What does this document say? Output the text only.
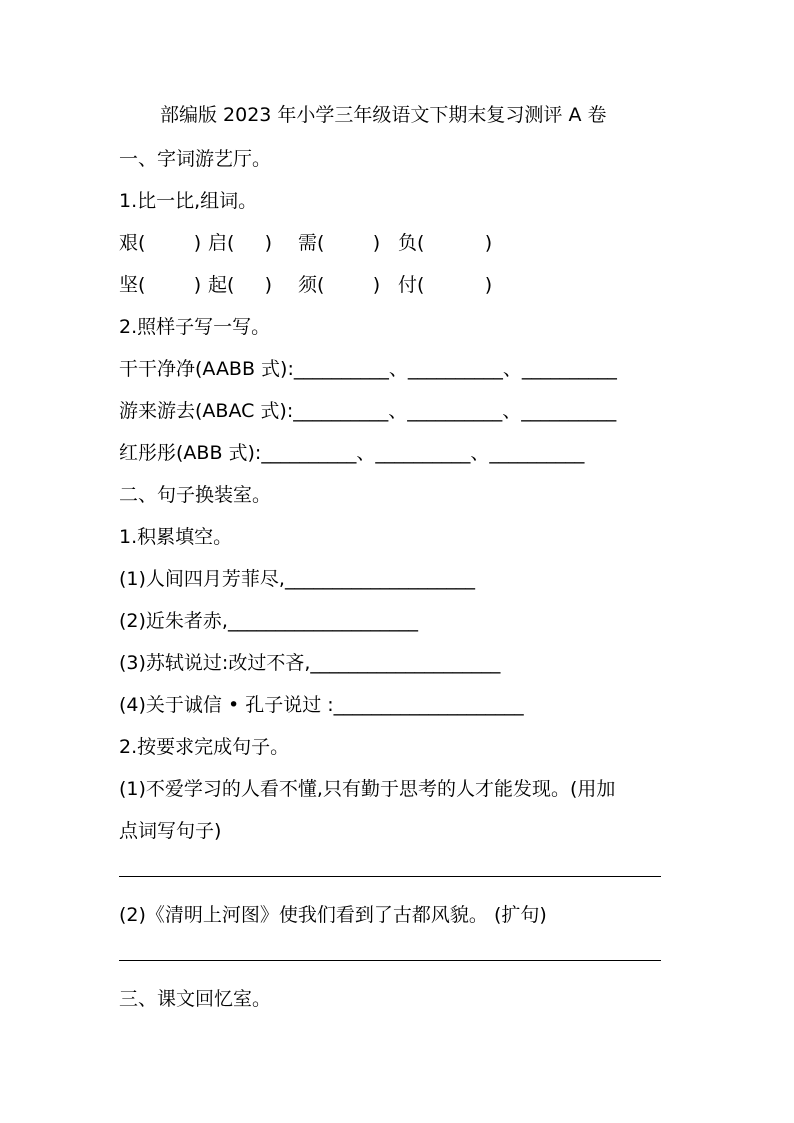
部编版 2023 年小学三年级语文下期末复习测评 A 卷
一、字词游艺厅。
1.比一比,组词。
艰(        ) 启(     ) 需(        ) 负(          )
坚(        ) 起(     ) 须(        ) 付(          )
2.照样子写一写。
干干净净(AABB 式):__________、__________、__________
游来游去(ABAC 式):__________、__________、__________
红彤彤(ABB 式):__________、__________、__________
二、句子换装室。
1.积累填空。
(1)人间四月芳菲尽,____________________
(2)近朱者赤,____________________
(3)苏轼说过:改过不吝,____________________
(4)关于诚信 • 孔子说过 :____________________
2.按要求完成句子。
(1)不爱学习的人看不懂,只有勤于思考的人才能发现。(用加
点词写句子)
(2)《清明上河图》使我们看到了古都风貌。 (扩句)
三、课文回忆室。
